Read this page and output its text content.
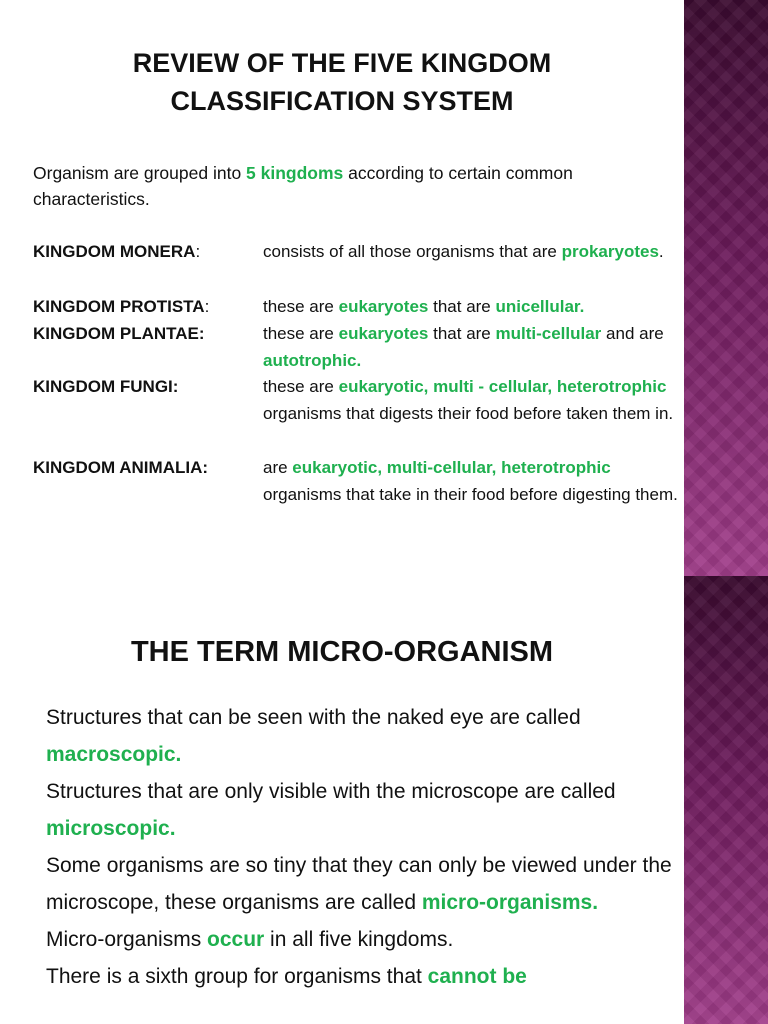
REVIEW OF THE FIVE KINGDOM
CLASSIFICATION SYSTEM

Organism are grouped into 5 kingdoms according to certain common characteristics.

KINGDOM MONERA:	consists of all those organisms that are prokaryotes.
KINGDOM PROTISTA:	these are eukaryotes that are unicellular.
KINGDOM PLANTAE:	these are eukaryotes that are multi-cellular and are autotrophic.
KINGDOM FUNGI:	these are eukaryotic, multi - cellular, heterotrophic organisms that digests their food before taken them in.
KINGDOM ANIMALIA:	are eukaryotic, multi-cellular, heterotrophic organisms that take in their food before digesting them.
THE TERM MICRO-ORGANISM

Structures that can be seen with the naked eye are called macroscopic.

Structures that are only visible with the microscope are called microscopic.

Some organisms are so tiny that they can only be viewed under the microscope, these organisms are called micro-organisms.

Micro-organisms occur in all five kingdoms.

There is a sixth group for organisms that cannot be
